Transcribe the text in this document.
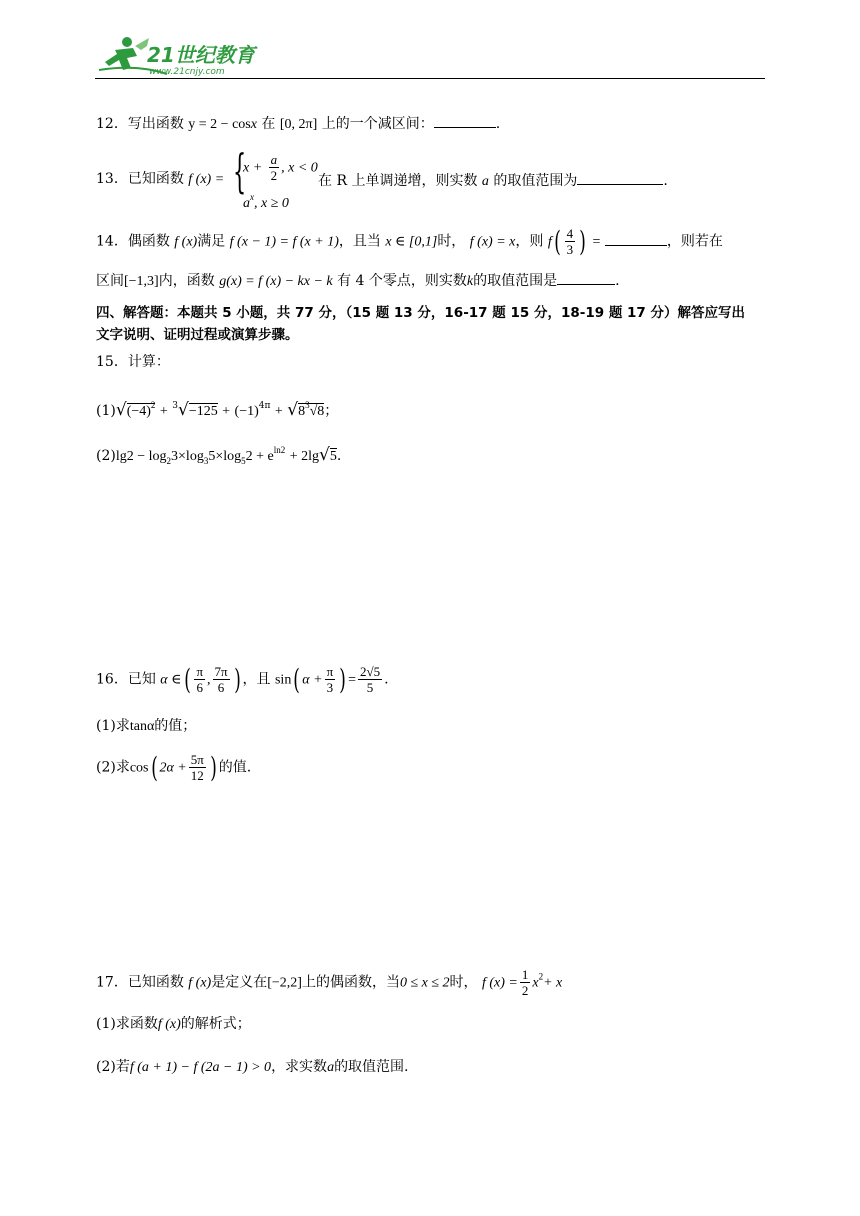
21世纪教育
www.21cnjy.com
12．写出函数 y = 2 − cosx 在 [0, 2π] 上的一个减区间：	.
13．已知函数 f (x) = {
$x + \frac{a}{2}$ , x < 0
$a^x$, x ≥ 0
在 R 上单调递增，则实数 a 的取值范围为	.
14．偶函数 f (x)满足 f (x − 1) = f (x + 1)，且当 x ∈ [0,1]时， f (x) = x，则 $f( \frac{4}{3}$ ) =	，则若在
区间[−1,3]内，函数 g(x) = f (x) − kx − k 有 4 个零点，则实数k的取值范围是	.
四、解答题：本题共 5 小题，共 77 分，（15 题 13 分，16-17 题 15 分，18-19 题 17 分）解答应写出
文字说明、证明过程或演算步骤。
15．计算：
$(1)√(-4)^2 + ^3√-125 + (-1)^{4\pi} + √8^3√8$；
$(2)\lg 2 - \log_23\times\log_35\times\log_52 + e^{ln2} + 2\lg√5$.
16．已知 α ∈( $\frac{\pi}{6}$ , $\frac{7\pi}{6}$ ) ，且 sin( $\alpha + \frac{\pi}{3}$ ) = $\frac{2√5}{5}$ .
(1)求tanα的值；
(2)求cos( $2\alpha + \frac{5\pi}{12}$ ) 的值.
17．已知函数 f (x)是定义在[−2,2]上的偶函数，当0 ≤ x ≤ 2时， f $(x) = \frac{1}{2} x^2+ x$
(1)求函数f (x)的解析式；
(2)若f (a + 1) − f (2a − 1) > 0，求实数a的取值范围.
